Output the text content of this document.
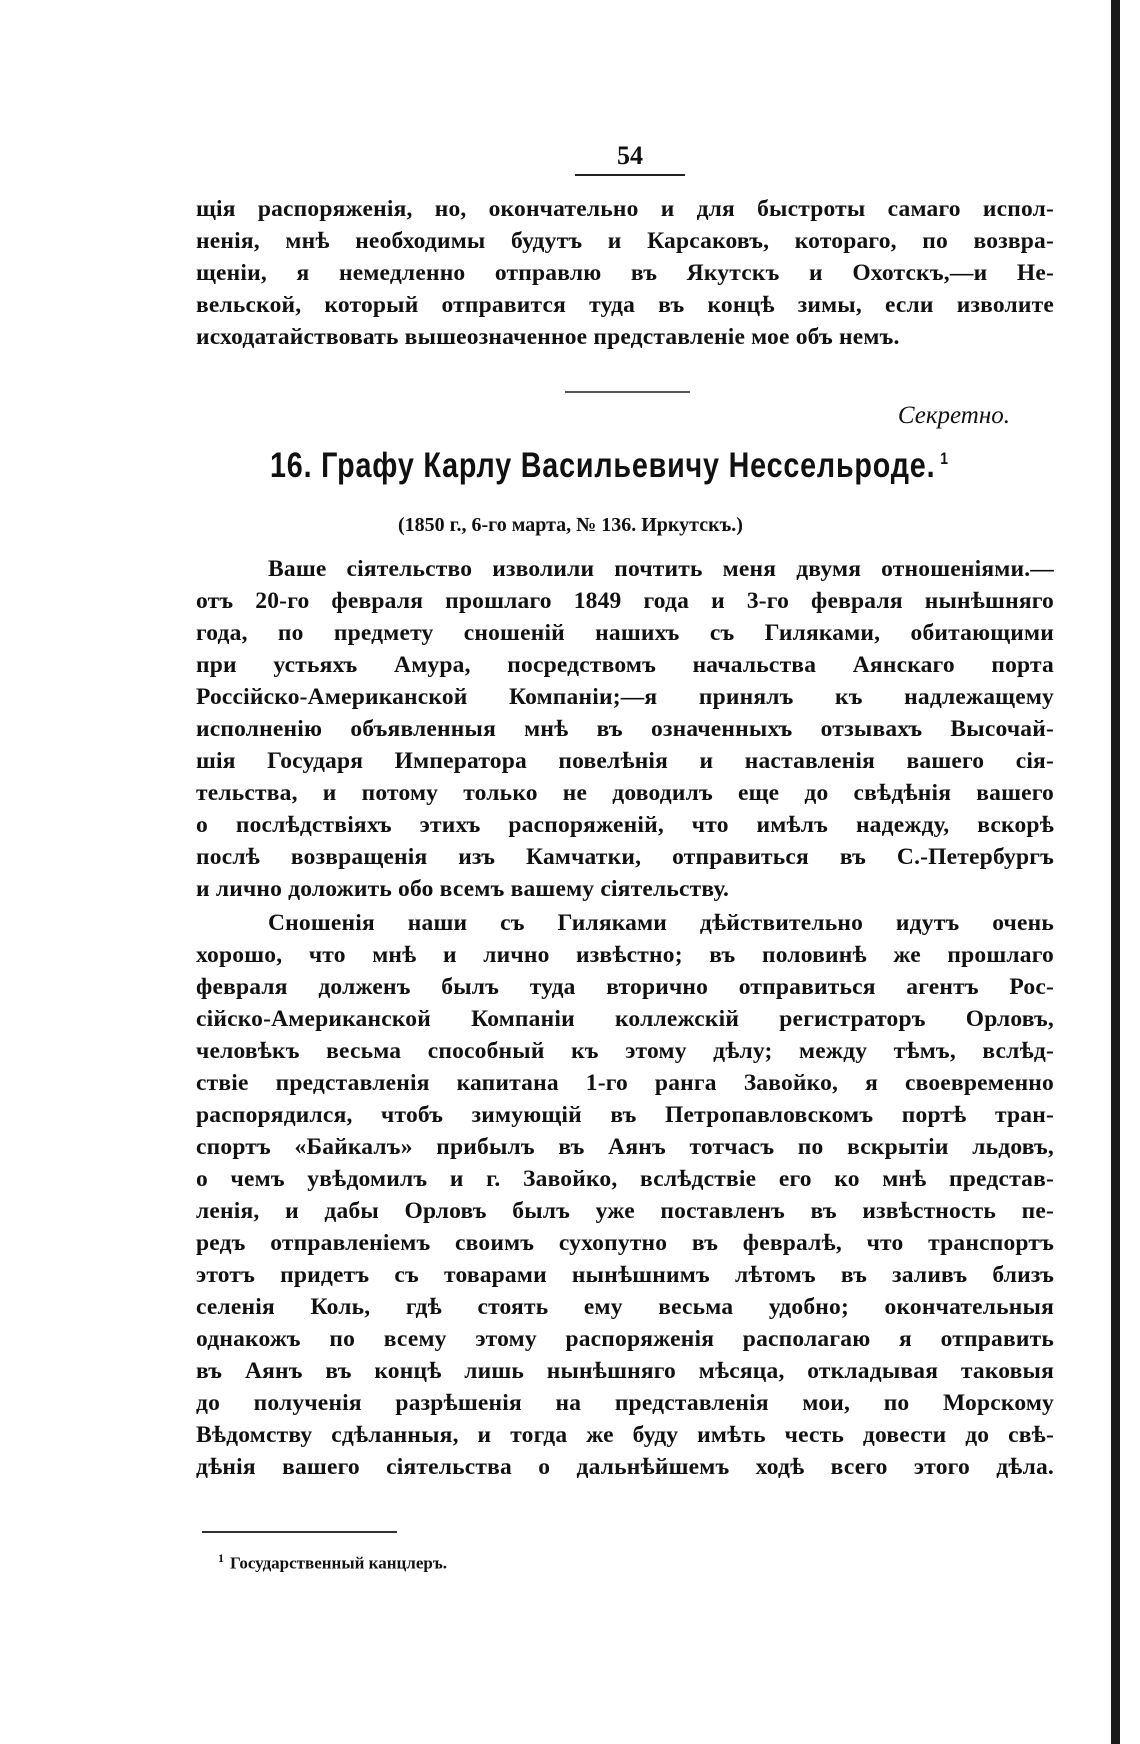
54
щія распоряженія, но, окончательно и для быстроты самаго испол-
ненія, мнѣ необходимы будутъ и Карсаковъ, котораго, по возвра-
щеніи, я немедленно отправлю въ Якутскъ и Охотскъ,—и Не-
вельской, который отправится туда въ концѣ зимы, если изволите
исходатайствовать вышеозначенное представленіе мое объ немъ.
Секретно.
16. Графу Карлу Васильевичу Нессельроде. $^1$
(1850 г., 6-го марта, № 136. Иркутскъ.)
Ваше сіятельство изволили почтить меня двумя отношеніями.—
отъ 20-го февраля прошлаго 1849 года и 3-го февраля нынѣшняго
года, по предмету сношеній нашихъ съ Гиляками, обитающими
при устьяхъ Амура, посредствомъ начальства Аянскаго порта
Россійско-Американской Компаніи;—я принялъ къ надлежащему
исполненію объявленныя мнѣ въ означенныхъ отзывахъ Высочай-
шія Государя Императора повелѣнія и наставленія вашего сія-
тельства, и потому только не доводилъ еще до свѣдѣнія вашего
о послѣдствіяхъ этихъ распоряженій, что имѣлъ надежду, вскорѣ
послѣ возвращенія изъ Камчатки, отправиться въ С.-Петербургъ
и лично доложить обо всемъ вашему сіятельству.
Сношенія наши съ Гиляками дѣйствительно идутъ очень
хорошо, что мнѣ и лично извѣстно; въ половинѣ же прошлаго
февраля долженъ былъ туда вторично отправиться агентъ Рос-
сійско-Американской Компаніи коллежскій регистраторъ Орловъ,
человѣкъ весьма способный къ этому дѣлу; между тѣмъ, вслѣд-
ствіе представленія капитана 1-го ранга Завойко, я своевременно
распорядился, чтобъ зимующій въ Петропавловскомъ портѣ тран-
спортъ «Байкалъ» прибылъ въ Аянъ тотчасъ по вскрытіи льдовъ,
о чемъ увѣдомилъ и г. Завойко, вслѣдствіе его ко мнѣ представ-
ленія, и дабы Орловъ былъ уже поставленъ въ извѣстность пе-
редъ отправленіемъ своимъ сухопутно въ февралѣ, что транспортъ
этотъ придетъ съ товарами нынѣшнимъ лѣтомъ въ заливъ близъ
селенія Коль, гдѣ стоять ему весьма удобно; окончательныя
однакожъ по всему этому распоряженія располагаю я отправить
въ Аянъ въ концѣ лишь нынѣшняго мѣсяца, откладывая таковыя
до полученія разрѣшенія на представленія мои, по Морскому
Вѣдомству сдѣланныя, и тогда же буду имѣть честь довести до свѣ-
дѣнія вашего сіятельства о дальнѣйшемъ ходѣ всего этого дѣла.
$^1$ Государственный канцлеръ.
